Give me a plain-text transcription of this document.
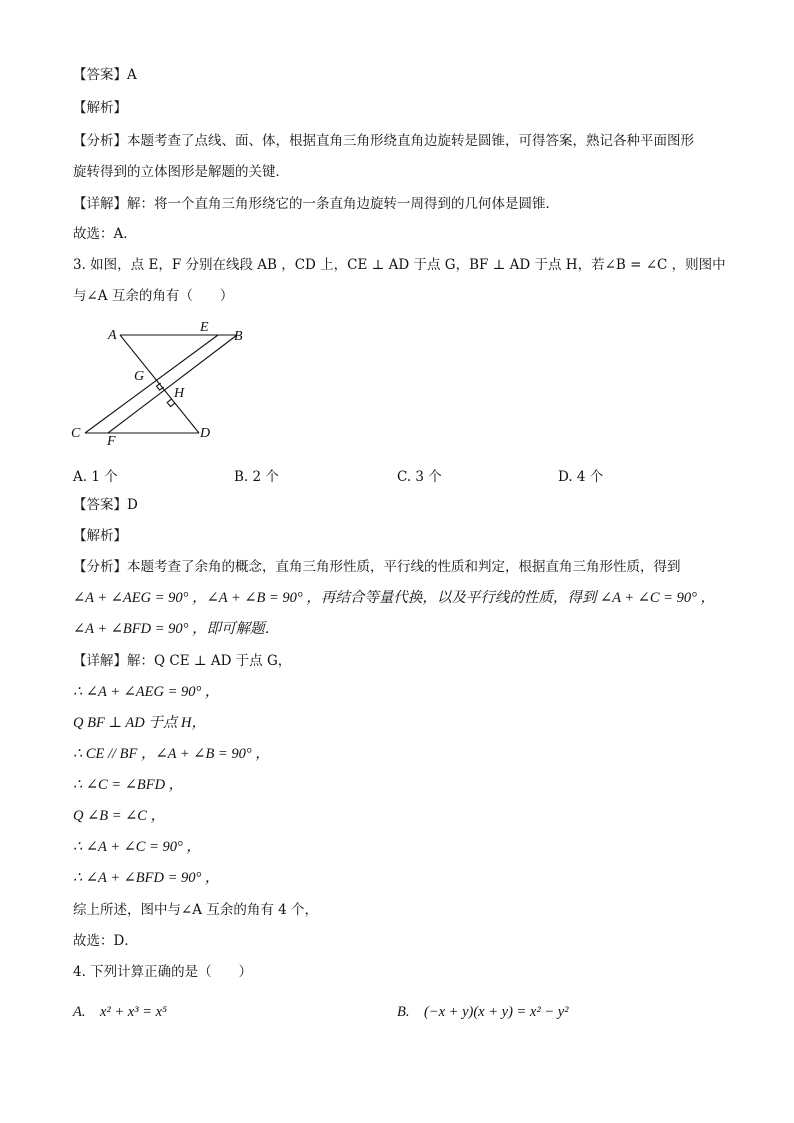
【答案】A
【解析】
【分析】本题考查了点线、面、体，根据直角三角形绕直角边旋转是圆锥，可得答案，熟记各种平面图形
旋转得到的立体图形是解题的关键．
【详解】解：将一个直角三角形绕它的一条直角边旋转一周得到的几何体是圆锥．
故选：A．
3. 如图，点 E，F 分别在线段 AB ，CD 上，CE ⊥ AD 于点 G，BF ⊥ AD 于点 H，若∠B = ∠C ，则图中
与∠A 互余的角有（　　）
A
E
B
G
H
C
F
D
A. 1 个	B. 2 个	C. 3 个	D. 4 个
【答案】D
【解析】
【分析】本题考查了余角的概念，直角三角形性质，平行线的性质和判定，根据直角三角形性质，得到
∠A + ∠AEG = 90° ，∠A + ∠B = 90° ，再结合等量代换，以及平行线的性质，得到 ∠A + ∠C = 90° ，
∠A + ∠BFD = 90° ，即可解题．
【详解】解：Q CE ⊥ AD 于点 G，
∴ ∠A + ∠AEG = 90° ，
Q BF ⊥ AD 于点 H，
∴ CE // BF ，∠A + ∠B = 90° ，
∴ ∠C = ∠BFD ，
Q ∠B = ∠C ，
∴ ∠A + ∠C = 90° ，
∴ ∠A + ∠BFD = 90° ，
综上所述，图中与∠A 互余的角有 4 个，
故选：D．
4. 下列计算正确的是（　　）
A.　x² + x³ = x⁵	B.　(−x + y)(x + y) = x² − y²
